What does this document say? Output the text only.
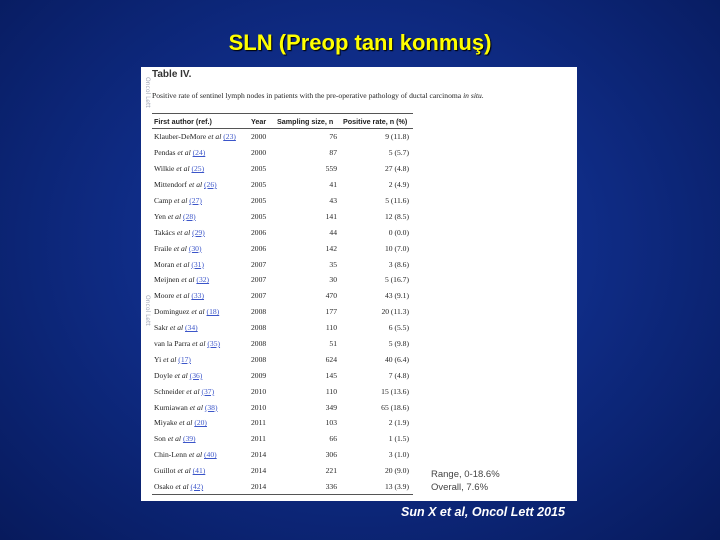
SLN (Preop tanı konmuş)
Oncol Lett
Oncol Lett
Table IV.
Positive rate of sentinel lymph nodes in patients with the pre-operative pathology of ductal carcinoma in situ.
First author (ref.)	Year	Sampling size, n	Positive rate, n (%)
Klauber-DeMore et al (23)	2000	76	9 (11.8)
Pendas et al (24)	2000	87	5 (5.7)
Wilkie et al (25)	2005	559	27 (4.8)
Mittendorf et al (26)	2005	41	2 (4.9)
Camp et al (27)	2005	43	5 (11.6)
Yen et al (28)	2005	141	12 (8.5)
Takács et al (29)	2006	44	0 (0.0)
Fraile et al (30)	2006	142	10 (7.0)
Moran et al (31)	2007	35	3 (8.6)
Meijnen et al (32)	2007	30	5 (16.7)
Moore et al (33)	2007	470	43 (9.1)
Dominguez et al (18)	2008	177	20 (11.3)
Sakr et al (34)	2008	110	6 (5.5)
van la Parra et al (35)	2008	51	5 (9.8)
Yi et al (17)	2008	624	40 (6.4)
Doyle et al (36)	2009	145	7 (4.8)
Schneider et al (37)	2010	110	15 (13.6)
Kurniawan et al (38)	2010	349	65 (18.6)
Miyake et al (20)	2011	103	2 (1.9)
Son et al (39)	2011	66	1 (1.5)
Chin-Lenn et al (40)	2014	306	3 (1.0)
Guillot et al (41)	2014	221	20 (9.0)
Osako et al (42)	2014	336	13 (3.9)
Range, 0-18.6%
Overall, 7.6%
Sun X et al, Oncol Lett 2015
